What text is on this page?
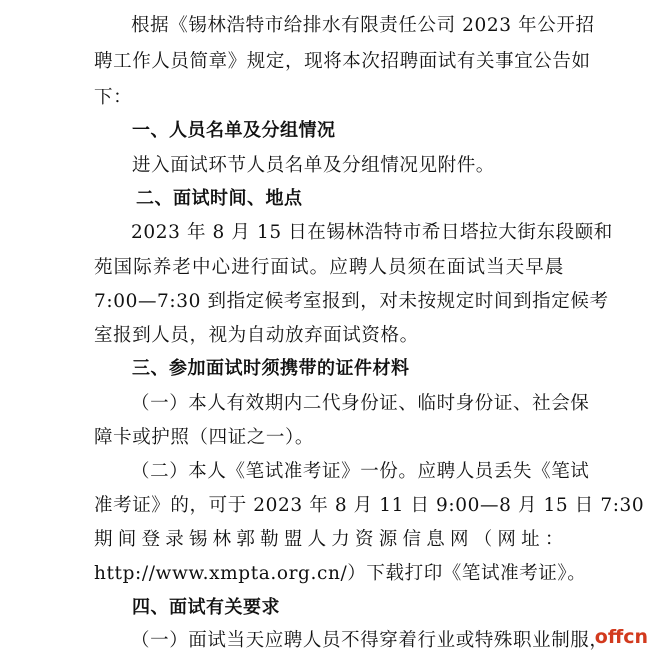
根据《锡林浩特市给排水有限责任公司 2023 年公开招
聘工作人员简章》规定，现将本次招聘面试有关事宜公告如
下：
一、人员名单及分组情况
进入面试环节人员名单及分组情况见附件。
二、面试时间、地点
2023 年 8 月 15 日在锡林浩特市希日塔拉大街东段颐和
苑国际养老中心进行面试。应聘人员须在面试当天早晨
7:00—7:30 到指定候考室报到，对未按规定时间到指定候考
室报到人员，视为自动放弃面试资格。
三、参加面试时须携带的证件材料
（一）本人有效期内二代身份证、临时身份证、社会保
障卡或护照（四证之一）。
（二）本人《笔试准考证》一份。应聘人员丢失《笔试
准考证》的，可于 2023 年 8 月 11 日 9:00—8 月 15 日 7:30
期间登录锡林郭勒盟人力资源信息网（网址：
http://www.xmpta.org.cn/）下载打印《笔试准考证》。
四、面试有关要求
（一）面试当天应聘人员不得穿着行业或特殊职业制服，
offcn
